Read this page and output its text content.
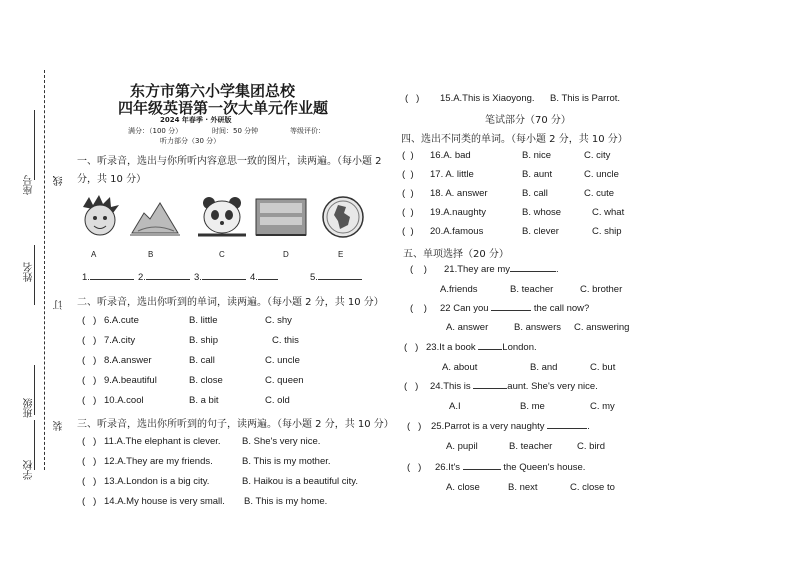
座号
姓名
班级
学校
线
订
装
东方市第六小学集团总校
四年级英语第一次大单元作业题
2024 年春季 · 外研版
满分：（100 分）	时间：50 分钟	等级评价：
听力部分（30 分）
一、听录音，选出与你所听内容意思一致的图片，读两遍。（每小题 2
分，共 10 分）
A	B	C	D	E
1.	2.	3.	4.	5.
二、听录音，选出你听到的单词，读两遍。（每小题 2 分，共 10 分）
(   ) 6.A.cute	B. little	C. shy
(   ) 7.A.city	B. ship	C. this
(   ) 8.A.answer	B. call	C. uncle
(   ) 9.A.beautiful	B. close	C. queen
(   ) 10.A.cool	B. a bit	C. old
三、听录音，选出你所听到的句子，读两遍。（每小题 2 分，共 10 分）
(   ) 11.A.The elephant is clever. B. She's very nice.
(   ) 12.A.They are my friends.	B. This is my mother.
(   ) 13.A.London is a big city.	B. Haikou is a beautiful city.
(   ) 14.A.My house is very small. B. This is my home.
(   ) 15.A.This is Xiaoyong. B. This is Parrot.
笔试部分（70 分）
四、选出不同类的单词。（每小题 2 分，共 10 分）
(  ) 16.A. bad	B. nice	C. city
(  ) 17. A. little	B. aunt	C. uncle
(  ) 18. A. answer	B. call	C. cute
(  ) 19.A.naughty	B. whose	C. what
(  ) 20.A.famous	B. clever	C. ship
五、单项选择（20 分）
(    ) 21.They are my	.
A.friends	B. teacher	C. brother
(    ) 22 Can you	the call now?
A. answer	B. answers C. answering
(   ) 23.It a book	London.
A. about	B. and	C. but
(   ) 24.This is	aunt. She's very nice.
A.I	B. me	C. my
(   ) 25.Parrot is a very naughty	.
A. pupil	B. teacher	C. bird
(   ) 26.It's	the Queen's house.
A. close	B. next	C. close to
